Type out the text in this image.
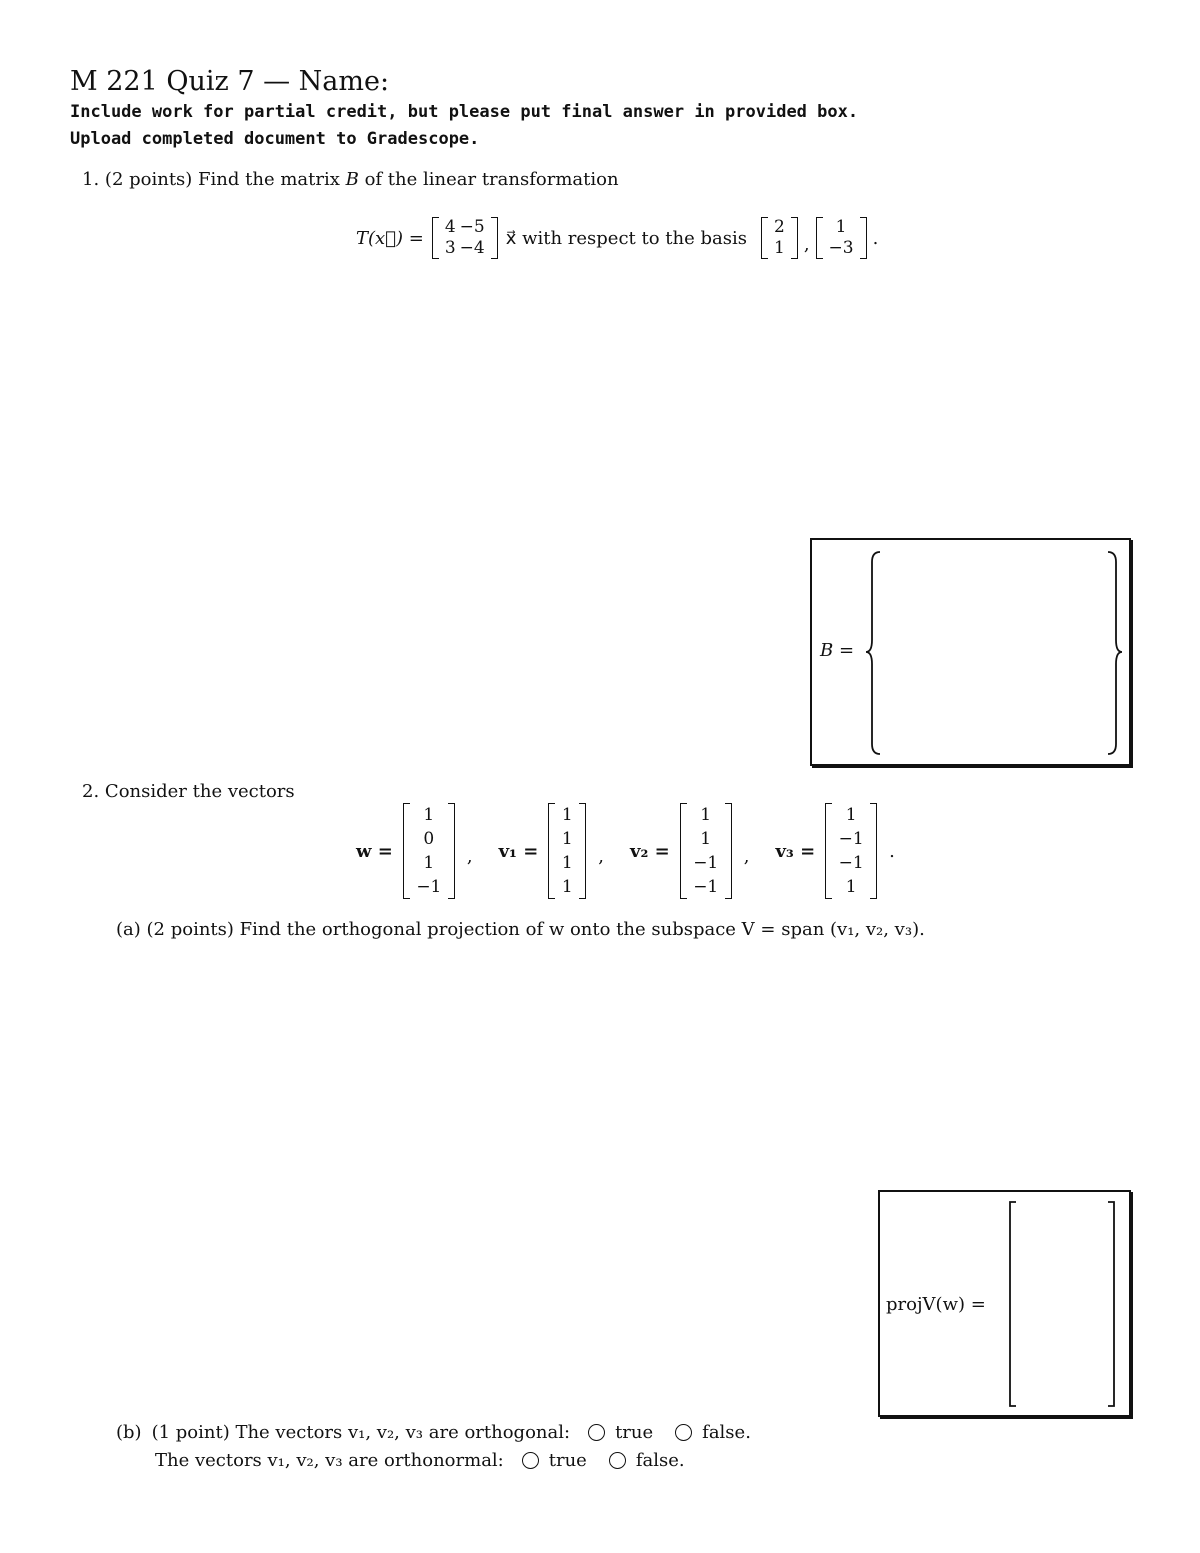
M 221 Quiz 7 — Name:
Include work for partial credit, but please put final answer in provided box.
Upload completed document to Gradescope.
1. (2 points) Find the matrix B of the linear transformation
T(x⃗) =
4 −5
3 −4 x⃗ with respect to the basis
2
1 ,
1
−3 .
B =
2. Consider the vectors
w =
1
0
1
−1
, v₁ =
1
1
1
1
, v₂ =
1
1
−1
−1
, v₃ =
1
−1
−1
1
.
(a) (2 points) Find the orthogonal projection of w onto the subspace V = span (v₁, v₂, v₃).
projV(w) =
(b) (1 point) The vectors v₁, v₂, v₃ are orthogonal:	true	false.
The vectors v₁, v₂, v₃ are orthonormal:	true	false.
